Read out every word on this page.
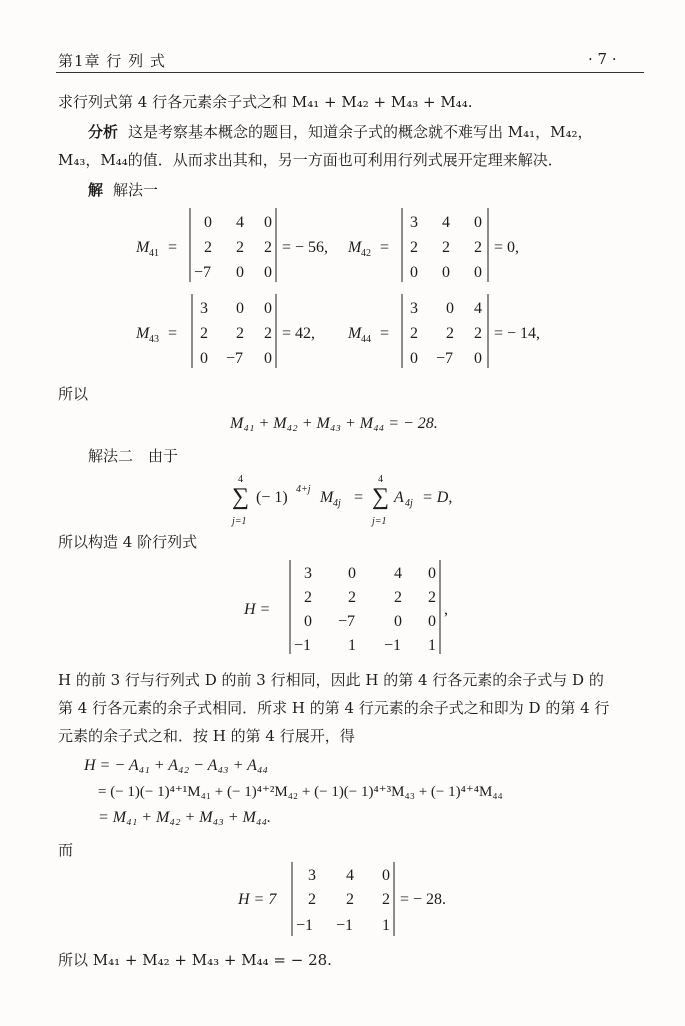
第1章 行 列 式	· 7 ·
求行列式第 4 行各元素余子式之和 M₄₁ + M₄₂ + M₄₃ + M₄₄.
分析 这是考察基本概念的题目，知道余子式的概念就不难写出 M₄₁，M₄₂，
M₄₃，M₄₄的值．从而求出其和，另一方面也可利用行列式展开定理来解决．
解 解法一
M 41 =
0 4 0
2 2 2
−7 0 0
= − 56, M 42 =
3 4 0
2 2 2
0 0 0
= 0,
M 43 =
3 0 0
2 2 2
0 −7 0
= 42, M 44 =
3 0 4
2 2 2
0 −7 0
= − 14,
所以
M₄₁ + M₄₂ + M₄₃ + M₄₄ = − 28.
解法二　由于
4
∑
j=1
(− 1) 4+j M 4j =
4
∑
j=1
A 4j = D,
所以构造 4 阶行列式
H =
3 0 4 0
2 2 2 2
0 −7 0 0
−1 1 −1 1
,
H 的前 3 行与行列式 D 的前 3 行相同，因此 H 的第 4 行各元素的余子式与 D 的
第 4 行各元素的余子式相同．所求 H 的第 4 行元素的余子式之和即为 D 的第 4 行
元素的余子式之和．按 H 的第 4 行展开，得
H = − A₄₁ + A₄₂ − A₄₃ + A₄₄
= (− 1)(− 1)⁴⁺¹M₄₁ + (− 1)⁴⁺²M₄₂ + (− 1)(− 1)⁴⁺³M₄₃ + (− 1)⁴⁺⁴M₄₄
= M₄₁ + M₄₂ + M₄₃ + M₄₄.
而
H = 7
3 4 0
2 2 2
−1 −1 1
= − 28.
所以 M₄₁ + M₄₂ + M₄₃ + M₄₄ = − 28.
